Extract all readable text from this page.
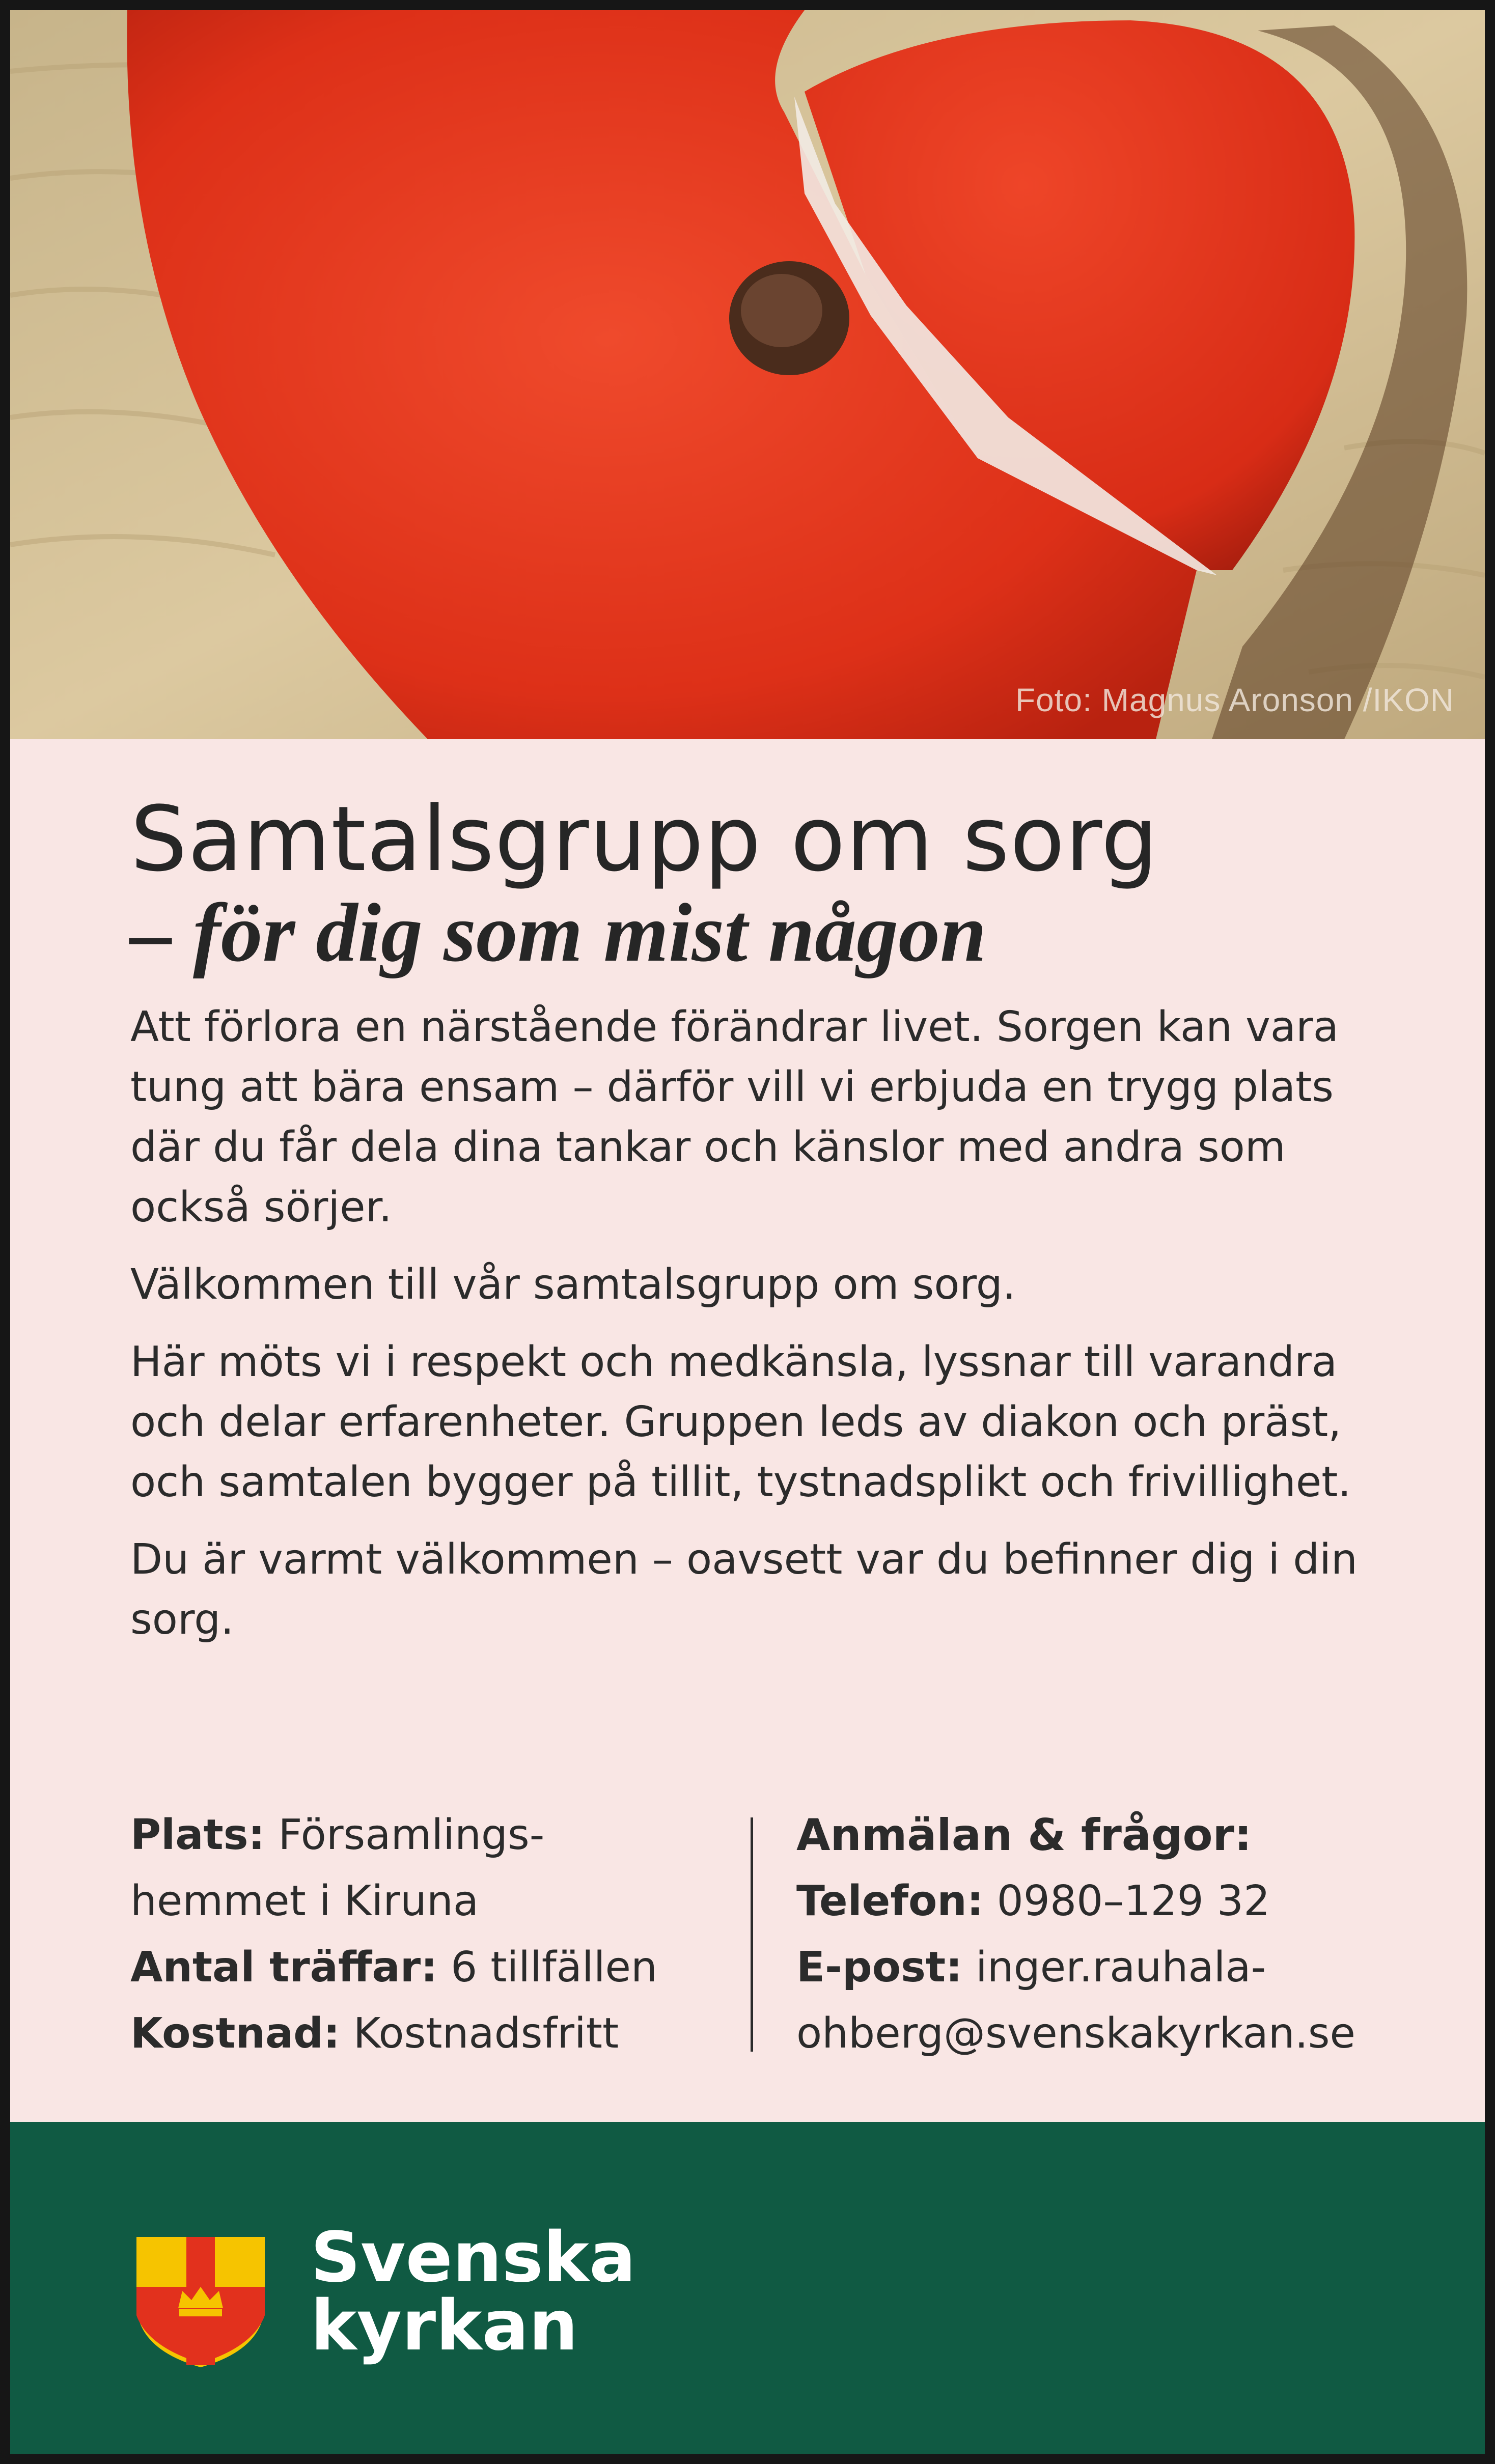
Foto: Magnus Aronson /IKON
Samtalsgrupp om sorg
– för dig som mist någon

Att förlora en närstående förändrar livet. Sorgen kan vara tung att bära ensam – därför vill vi erbjuda en trygg plats där du får dela dina tankar och känslor med andra som också sörjer.

Välkommen till vår samtalsgrupp om sorg.

Här möts vi i respekt och medkänsla, lyssnar till varandra och delar erfarenheter. Gruppen leds av diakon och präst, och samtalen bygger på tillit, tystnadsplikt och frivillighet.

Du är varmt välkommen – oavsett var du befinner dig i din sorg.

Plats: Församlings-

hemmet i Kiruna

Antal träffar: 6 tillfällen

Kostnad: Kostnadsfritt

Anmälan & frågor:

Telefon: 0980–129 32

E-post: inger.rauhala-

ohberg@svenskakyrkan.se

Svenska
kyrkan
